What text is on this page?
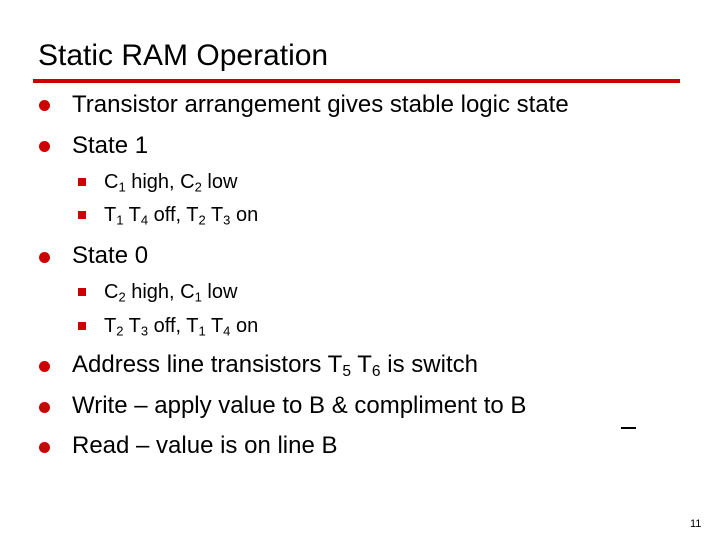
Static RAM Operation
Transistor arrangement gives stable logic state
State 1
$C_1$ high, $C_2$ low
$T_1$ $T_4$ off, $T_2$ $T_3$ on
State 0
$C_2$ high, $C_1$ low
$T_2$ $T_3$ off, $T_1$ $T_4$ on
Address line transistors $T_5$ $T_6$ is switch
Write – apply value to B & compliment to B
Read – value is on line B
11
